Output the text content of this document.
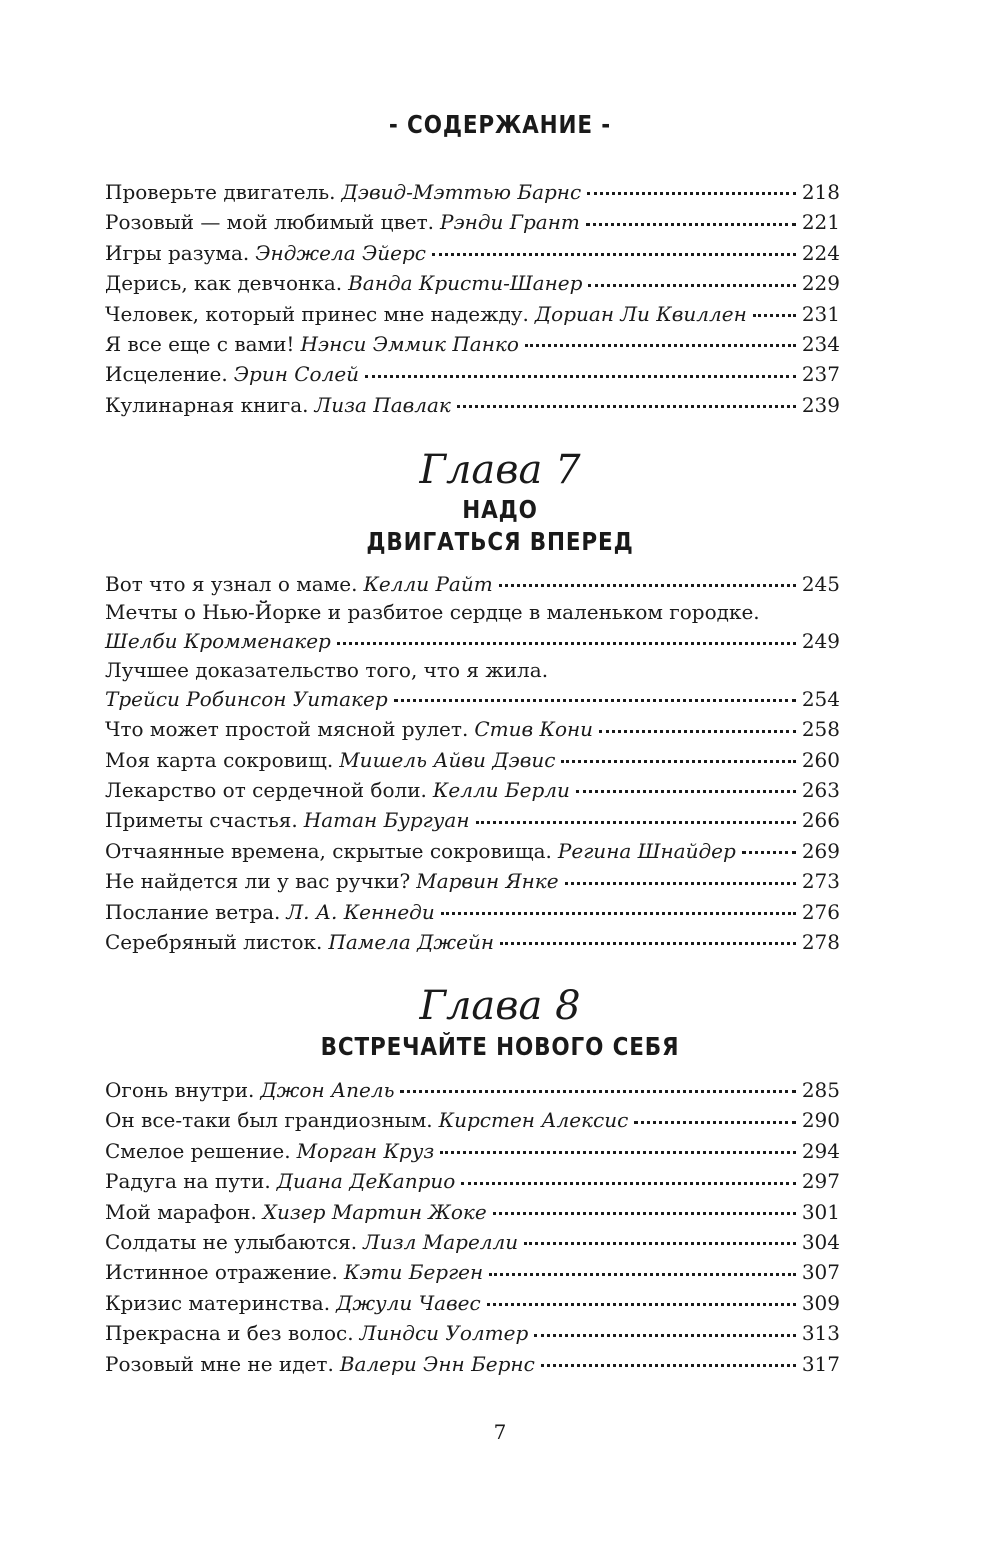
- СОДЕРЖАНИЕ -
Проверьте двигатель. Дэвид-Мэттью Барнс	218
Розовый — мой любимый цвет. Рэнди Грант	221
Игры разума. Энджела Эйерс	224
Дерись, как девчонка. Ванда Кристи-Шанер	229
Человек, который принес мне надежду. Дориан Ли Квиллен	231
Я все еще с вами! Нэнси Эммик Панко	234
Исцеление. Эрин Солей	237
Кулинарная книга. Лиза Павлак	239
Глава 7
НАДО
ДВИГАТЬСЯ ВПЕРЕД
Вот что я узнал о маме. Келли Райт	245
Мечты о Нью-Йорке и разбитое сердце в маленьком городке.
Шелби Кромменакер	249
Лучшее доказательство того, что я жила.
Трейси Робинсон Уитакер	254
Что может простой мясной рулет. Стив Кони	258
Моя карта сокровищ. Мишель Айви Дэвис	260
Лекарство от сердечной боли. Келли Берли	263
Приметы счастья. Натан Бургуан	266
Отчаянные времена, скрытые сокровища. Регина Шнайдер	269
Не найдется ли у вас ручки? Марвин Янке	273
Послание ветра. Л. А. Кеннеди	276
Серебряный листок. Памела Джейн	278
Глава 8
ВСТРЕЧАЙТЕ НОВОГО СЕБЯ
Огонь внутри. Джон Апель	285
Он все-таки был грандиозным. Кирстен Алексис	290
Смелое решение. Морган Круз	294
Радуга на пути. Диана ДеКаприо	297
Мой марафон. Хизер Мартин Жоке	301
Солдаты не улыбаются. Лизл Марелли	304
Истинное отражение. Кэти Берген	307
Кризис материнства. Джули Чавес	309
Прекрасна и без волос. Линдси Уолтер	313
Розовый мне не идет. Валери Энн Бернс	317
7
